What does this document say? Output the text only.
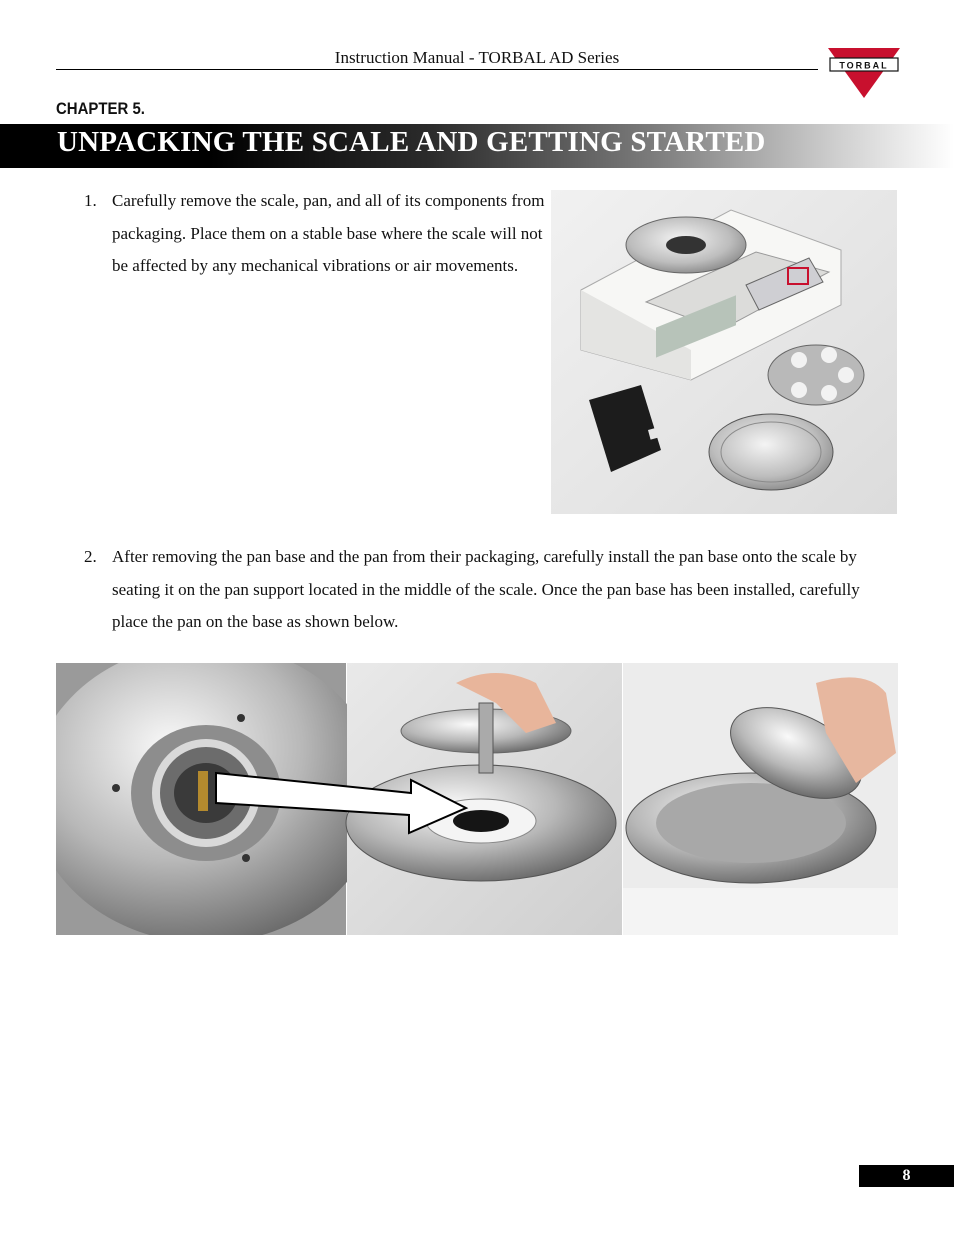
Instruction Manual - TORBAL AD Series	TORBAL
CHAPTER 5.
UNPACKING THE SCALE AND GETTING STARTED
1. Carefully remove the scale, pan, and all of its components from packaging. Place them on a stable base where the scale will not be affected by any mechanical vibrations or air movements.
2. After removing the pan base and the pan from their packaging, carefully install the pan base onto the scale by seating it on the pan support located in the middle of the scale. Once the pan base has been installed, carefully place the pan on the base as shown below.
8
